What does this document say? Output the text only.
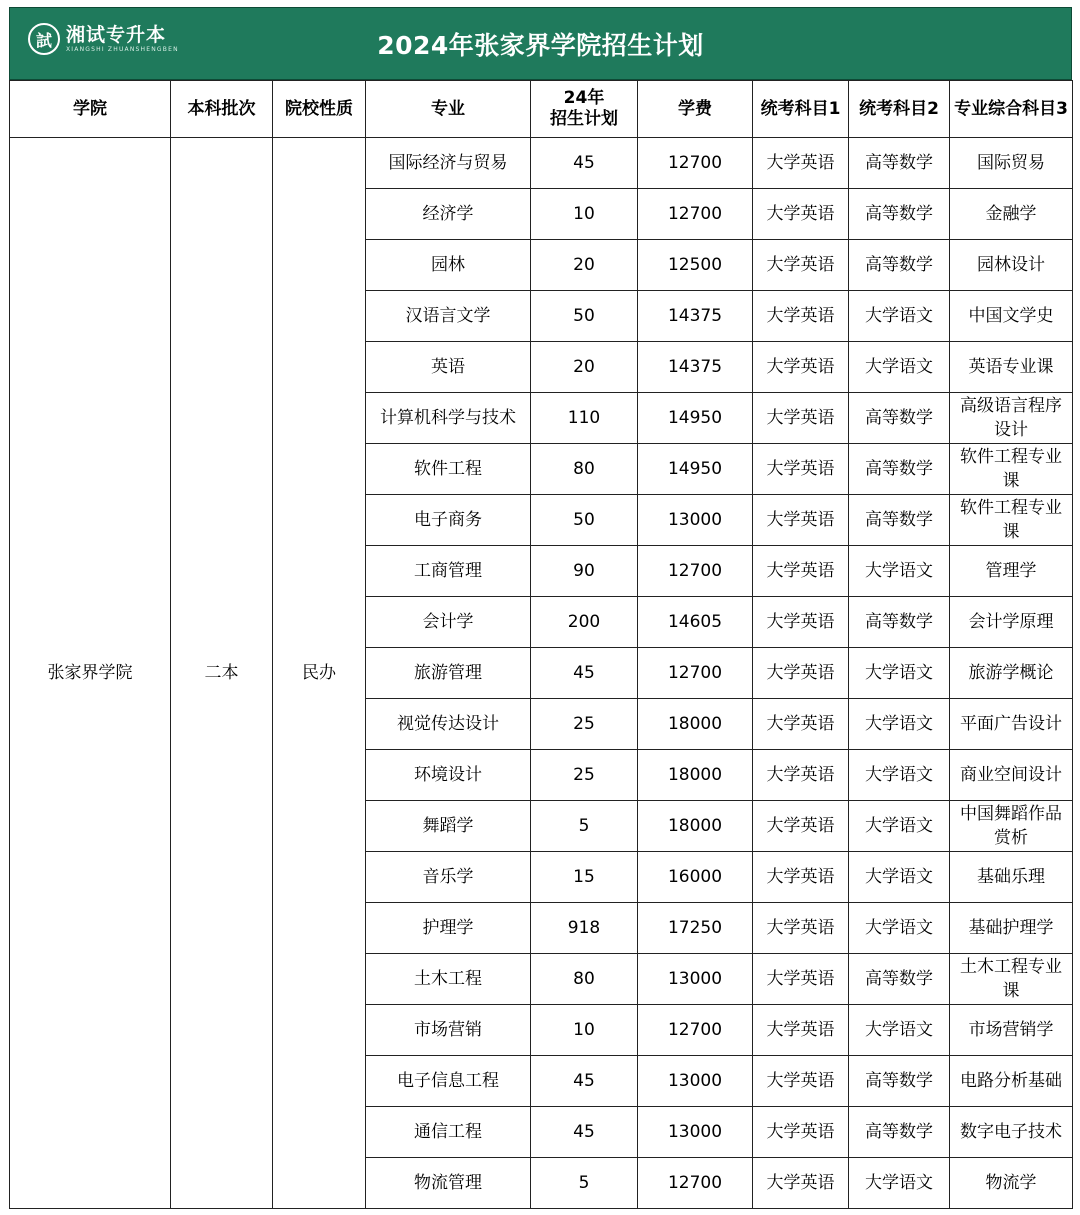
試 湘试专升本
XIANGSHI ZHUANSHENGBEN	2024年张家界学院招生计划
学院	本科批次	院校性质	专业	24年
招生计划	学费	统考科目1	统考科目2	专业综合科目3
张家界学院	二本	民办	国际经济与贸易	45	12700	大学英语	高等数学	国际贸易
			经济学	10	12700	大学英语	高等数学	金融学
			园林	20	12500	大学英语	高等数学	园林设计
			汉语言文学	50	14375	大学英语	大学语文	中国文学史
			英语	20	14375	大学英语	大学语文	英语专业课
			计算机科学与技术	110	14950	大学英语	高等数学	高级语言程序设计
			软件工程	80	14950	大学英语	高等数学	软件工程专业课
			电子商务	50	13000	大学英语	高等数学	软件工程专业课
			工商管理	90	12700	大学英语	大学语文	管理学
			会计学	200	14605	大学英语	高等数学	会计学原理
			旅游管理	45	12700	大学英语	大学语文	旅游学概论
			视觉传达设计	25	18000	大学英语	大学语文	平面广告设计
			环境设计	25	18000	大学英语	大学语文	商业空间设计
			舞蹈学	5	18000	大学英语	大学语文	中国舞蹈作品赏析
			音乐学	15	16000	大学英语	大学语文	基础乐理
			护理学	918	17250	大学英语	大学语文	基础护理学
			土木工程	80	13000	大学英语	高等数学	土木工程专业课
			市场营销	10	12700	大学英语	大学语文	市场营销学
			电子信息工程	45	13000	大学英语	高等数学	电路分析基础
			通信工程	45	13000	大学英语	高等数学	数字电子技术
			物流管理	5	12700	大学英语	大学语文	物流学
